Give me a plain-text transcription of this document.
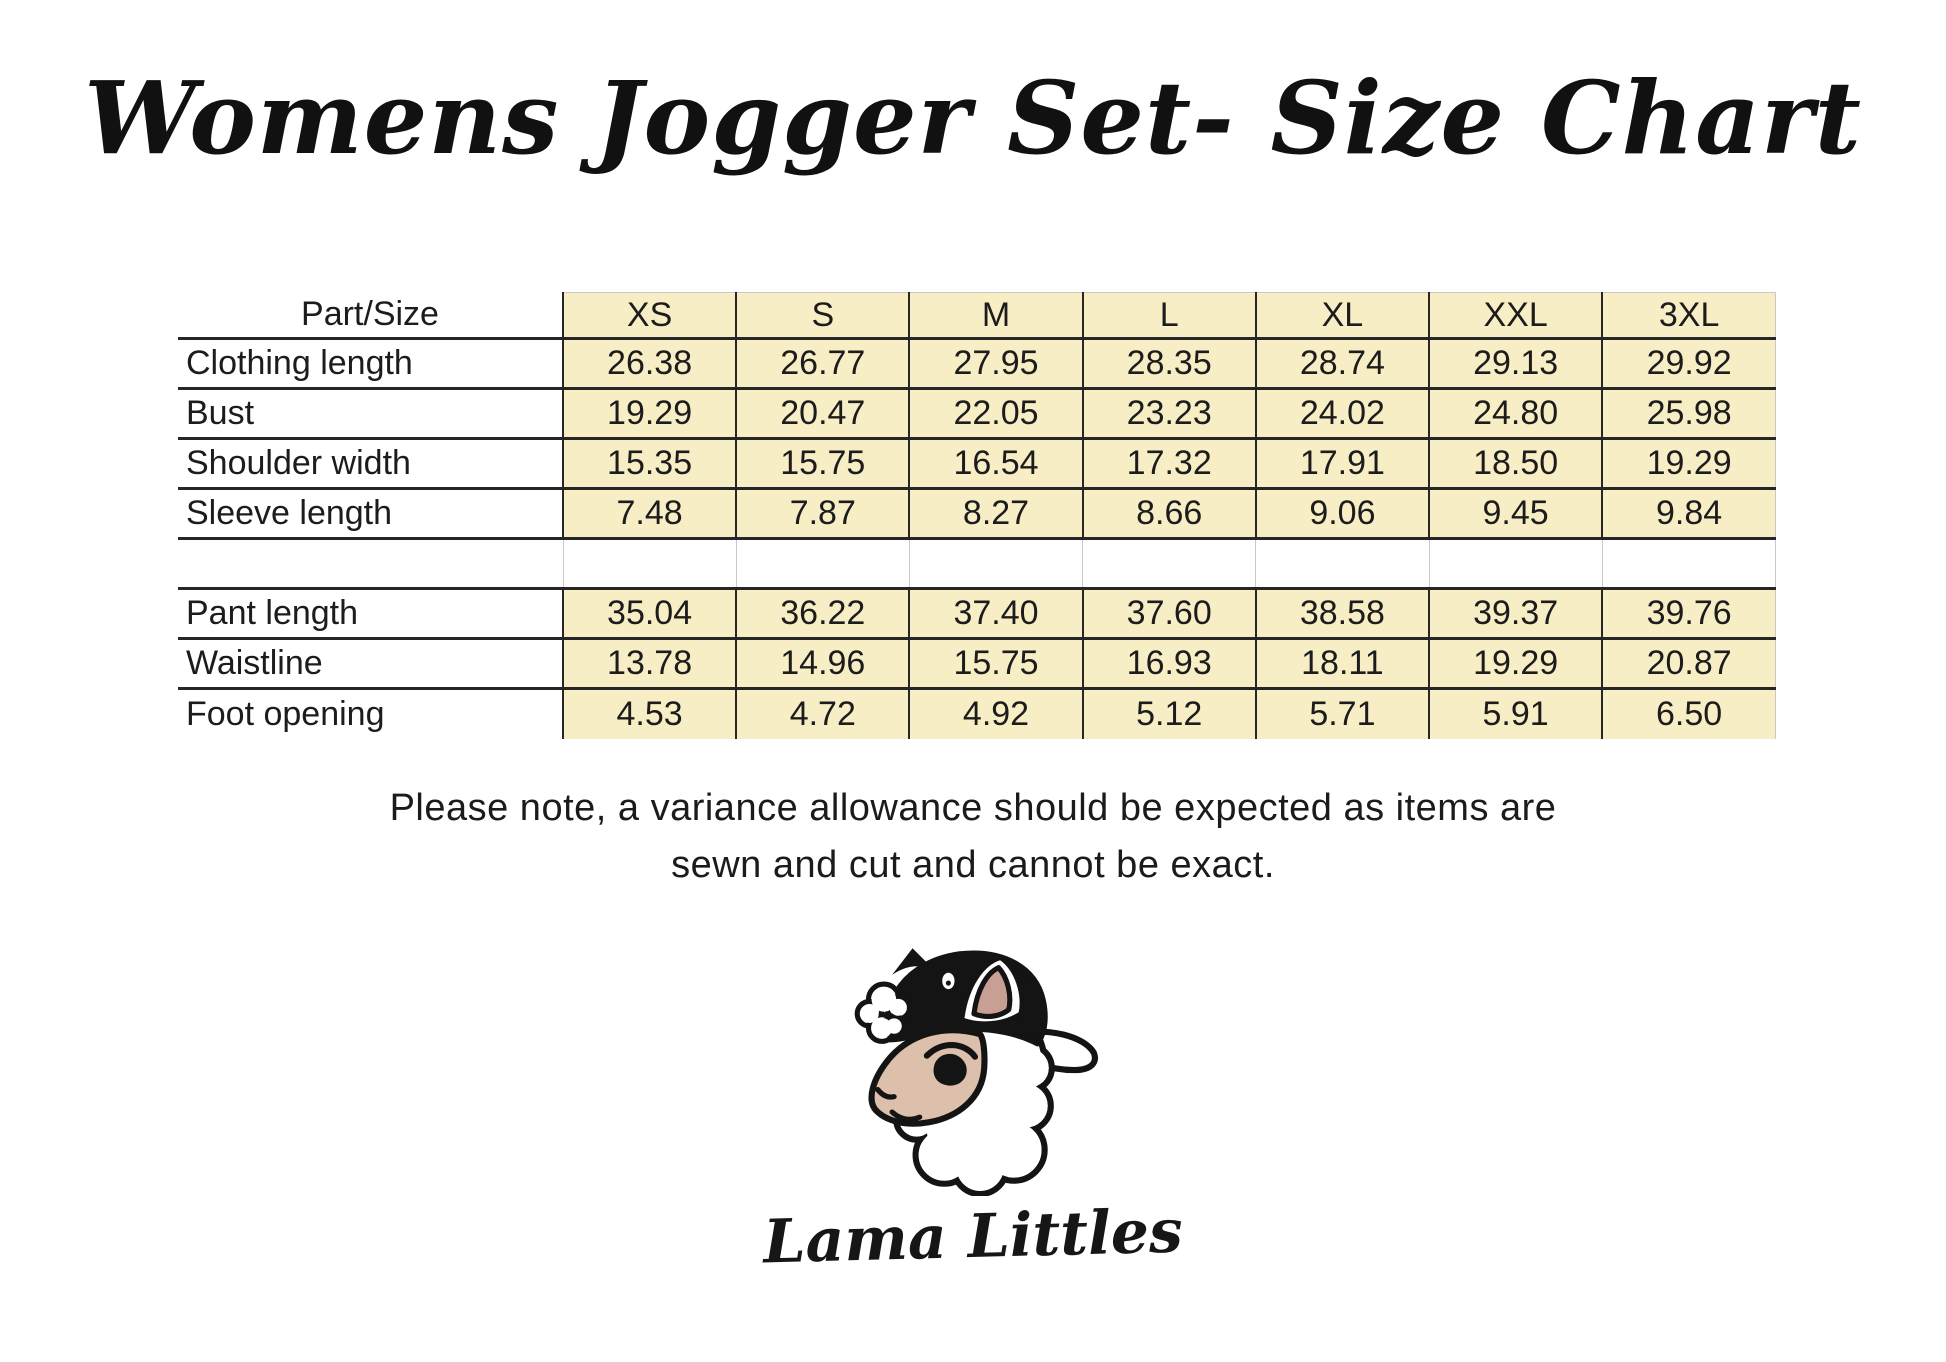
Womens Jogger Set- Size Chart
Part/Size	XS	S	M	L	XL	XXL	3XL
Clothing length	26.38	26.77	27.95	28.35	28.74	29.13	29.92
Bust	19.29	20.47	22.05	23.23	24.02	24.80	25.98
Shoulder width	15.35	15.75	16.54	17.32	17.91	18.50	19.29
Sleeve length	7.48	7.87	8.27	8.66	9.06	9.45	9.84

Pant length	35.04	36.22	37.40	37.60	38.58	39.37	39.76
Waistline	13.78	14.96	15.75	16.93	18.11	19.29	20.87
Foot opening	4.53	4.72	4.92	5.12	5.71	5.91	6.50
Please note, a variance allowance should be expected as items are
sewn and cut and cannot be exact.
Lama Littles
